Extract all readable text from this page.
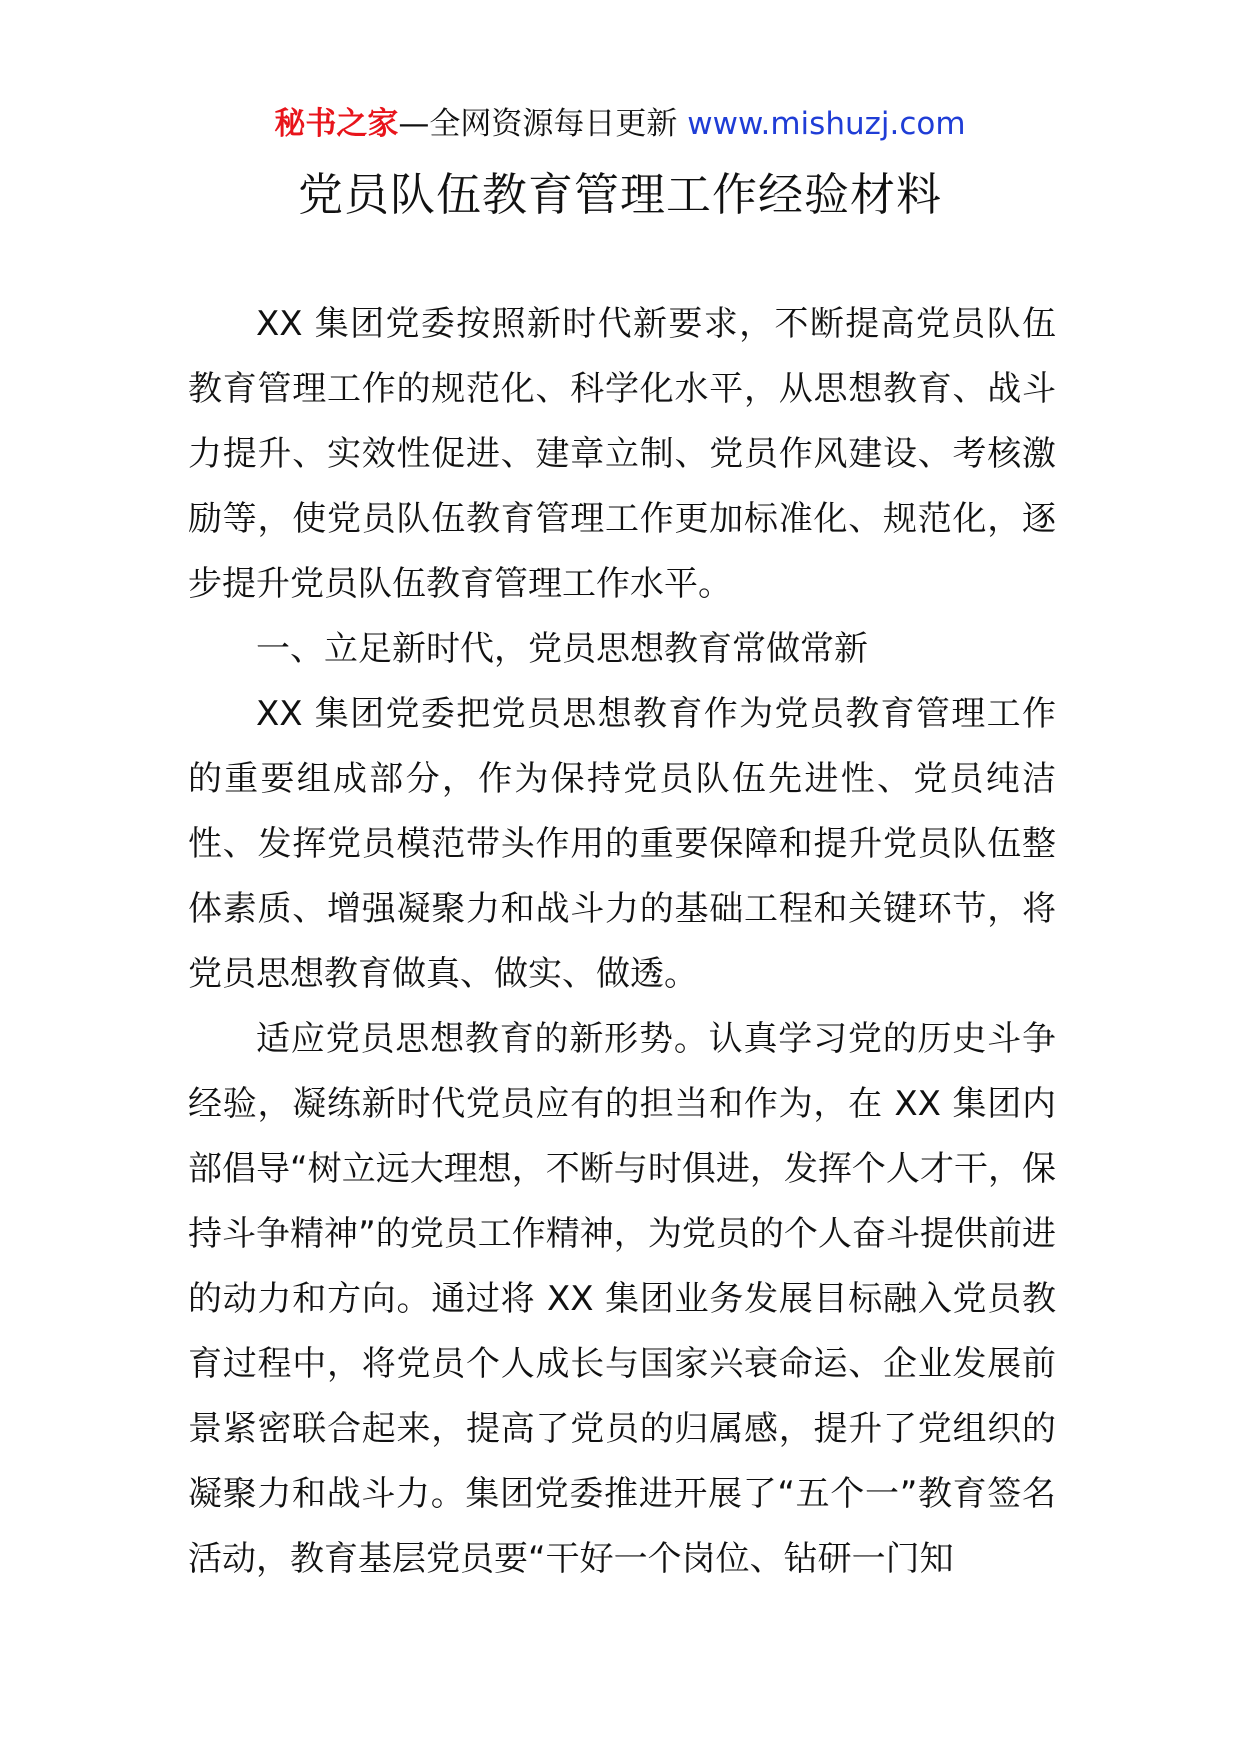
秘书之家—全网资源每日更新 www.mishuzj.com
党员队伍教育管理工作经验材料

XX 集团党委按照新时代新要求，不断提高党员队伍教育管理工作的规范化、科学化水平，从思想教育、战斗力提升、实效性促进、建章立制、党员作风建设、考核激励等，使党员队伍教育管理工作更加标准化、规范化，逐步提升党员队伍教育管理工作水平。

一、立足新时代，党员思想教育常做常新

XX 集团党委把党员思想教育作为党员教育管理工作的重要组成部分，作为保持党员队伍先进性、党员纯洁性、发挥党员模范带头作用的重要保障和提升党员队伍整体素质、增强凝聚力和战斗力的基础工程和关键环节，将党员思想教育做真、做实、做透。

适应党员思想教育的新形势。认真学习党的历史斗争经验，凝练新时代党员应有的担当和作为，在 XX 集团内部倡导“树立远大理想，不断与时俱进，发挥个人才干，保持斗争精神”的党员工作精神，为党员的个人奋斗提供前进的动力和方向。通过将 XX 集团业务发展目标融入党员教育过程中，将党员个人成长与国家兴衰命运、企业发展前景紧密联合起来，提高了党员的归属感，提升了党组织的凝聚力和战斗力。集团党委推进开展了“五个一”教育签名活动，教育基层党员要“干好一个岗位、钻研一门知
